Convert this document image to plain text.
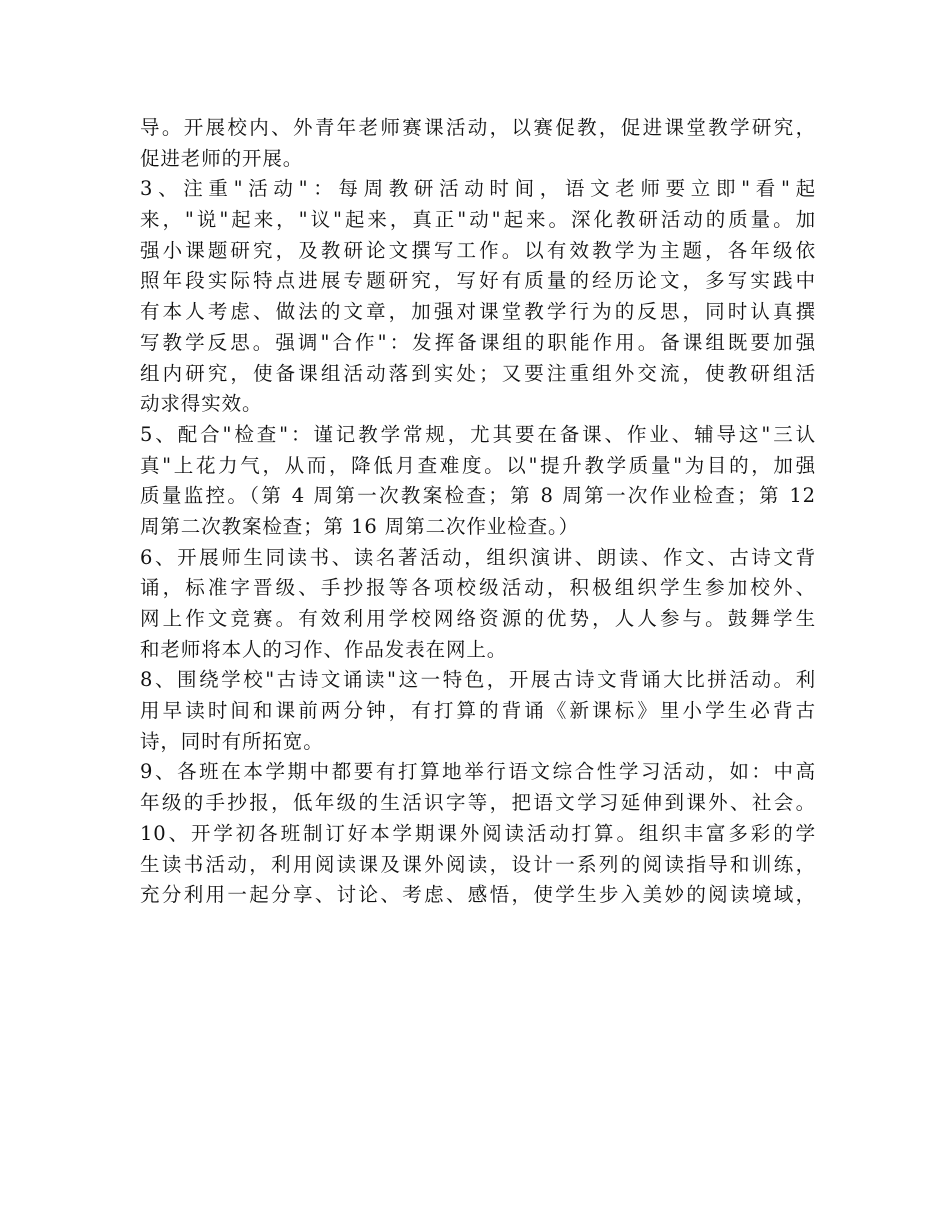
导。开展校内、外青年老师赛课活动，以赛促教，促进课堂教学研究，
促进老师的开展。
3、注重"活动"：每周教研活动时间，语文老师要立即"看"起
来，"说"起来，"议"起来，真正"动"起来。深化教研活动的质量。加
强小课题研究，及教研论文撰写工作。以有效教学为主题，各年级依
照年段实际特点进展专题研究，写好有质量的经历论文，多写实践中
有本人考虑、做法的文章，加强对课堂教学行为的反思，同时认真撰
写教学反思。强调"合作"：发挥备课组的职能作用。备课组既要加强
组内研究，使备课组活动落到实处；又要注重组外交流，使教研组活
动求得实效。
5、配合"检查"：谨记教学常规，尤其要在备课、作业、辅导这"三认
真"上花力气，从而，降低月查难度。以"提升教学质量"为目的，加强
质量监控。（第 4 周第一次教案检查；第 8 周第一次作业检查；第 12
周第二次教案检查；第 16 周第二次作业检查。）
6、开展师生同读书、读名著活动，组织演讲、朗读、作文、古诗文背
诵，标准字晋级、手抄报等各项校级活动，积极组织学生参加校外、
网上作文竞赛。有效利用学校网络资源的优势，人人参与。鼓舞学生
和老师将本人的习作、作品发表在网上。
8、围绕学校"古诗文诵读"这一特色，开展古诗文背诵大比拼活动。利
用早读时间和课前两分钟，有打算的背诵《新课标》里小学生必背古
诗，同时有所拓宽。
9、各班在本学期中都要有打算地举行语文综合性学习活动，如：中高
年级的手抄报，低年级的生活识字等，把语文学习延伸到课外、社会。
10、开学初各班制订好本学期课外阅读活动打算。组织丰富多彩的学
生读书活动，利用阅读课及课外阅读，设计一系列的阅读指导和训练，
充分利用一起分享、讨论、考虑、感悟，使学生步入美妙的阅读境域，
